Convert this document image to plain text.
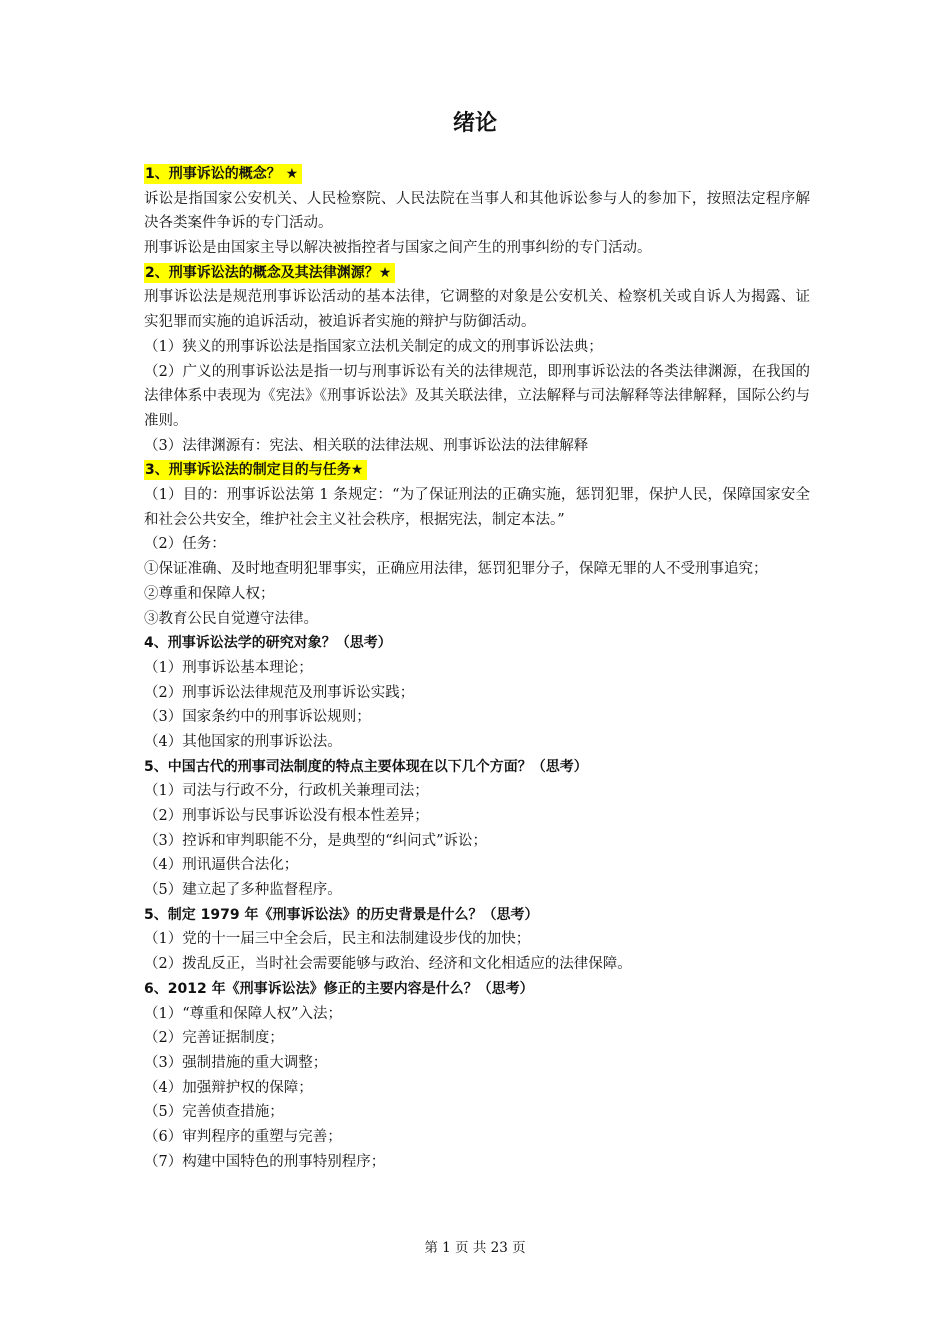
绪论
1、刑事诉讼的概念？ ★
诉讼是指国家公安机关、人民检察院、人民法院在当事人和其他诉讼参与人的参加下，按照法定程序解决各类案件争诉的专门活动。
刑事诉讼是由国家主导以解决被指控者与国家之间产生的刑事纠纷的专门活动。
2、刑事诉讼法的概念及其法律渊源？★
刑事诉讼法是规范刑事诉讼活动的基本法律，它调整的对象是公安机关、检察机关或自诉人为揭露、证实犯罪而实施的追诉活动，被追诉者实施的辩护与防御活动。
（1）狭义的刑事诉讼法是指国家立法机关制定的成文的刑事诉讼法典；
（2）广义的刑事诉讼法是指一切与刑事诉讼有关的法律规范，即刑事诉讼法的各类法律渊源，在我国的法律体系中表现为《宪法》《刑事诉讼法》及其关联法律，立法解释与司法解释等法律解释，国际公约与准则。
（3）法律渊源有：宪法、相关联的法律法规、刑事诉讼法的法律解释
3、刑事诉讼法的制定目的与任务★
（1）目的：刑事诉讼法第 1 条规定：“为了保证刑法的正确实施，惩罚犯罪，保护人民，保障国家安全和社会公共安全，维护社会主义社会秩序，根据宪法，制定本法。”
（2）任务：
①保证准确、及时地查明犯罪事实，正确应用法律，惩罚犯罪分子，保障无罪的人不受刑事追究；
②尊重和保障人权；
③教育公民自觉遵守法律。
4、刑事诉讼法学的研究对象？（思考）
（1）刑事诉讼基本理论；
（2）刑事诉讼法律规范及刑事诉讼实践；
（3）国家条约中的刑事诉讼规则；
（4）其他国家的刑事诉讼法。
5、中国古代的刑事司法制度的特点主要体现在以下几个方面？（思考）
（1）司法与行政不分，行政机关兼理司法；
（2）刑事诉讼与民事诉讼没有根本性差异；
（3）控诉和审判职能不分，是典型的“纠问式”诉讼；
（4）刑讯逼供合法化；
（5）建立起了多种监督程序。
5、制定 1979 年《刑事诉讼法》的历史背景是什么？（思考）
（1）党的十一届三中全会后，民主和法制建设步伐的加快；
（2）拨乱反正，当时社会需要能够与政治、经济和文化相适应的法律保障。
6、2012 年《刑事诉讼法》修正的主要内容是什么？（思考）
（1）“尊重和保障人权”入法；
（2）完善证据制度；
（3）强制措施的重大调整；
（4）加强辩护权的保障；
（5）完善侦查措施；
（6）审判程序的重塑与完善；
（7）构建中国特色的刑事特别程序；
第 1 页 共 23 页
